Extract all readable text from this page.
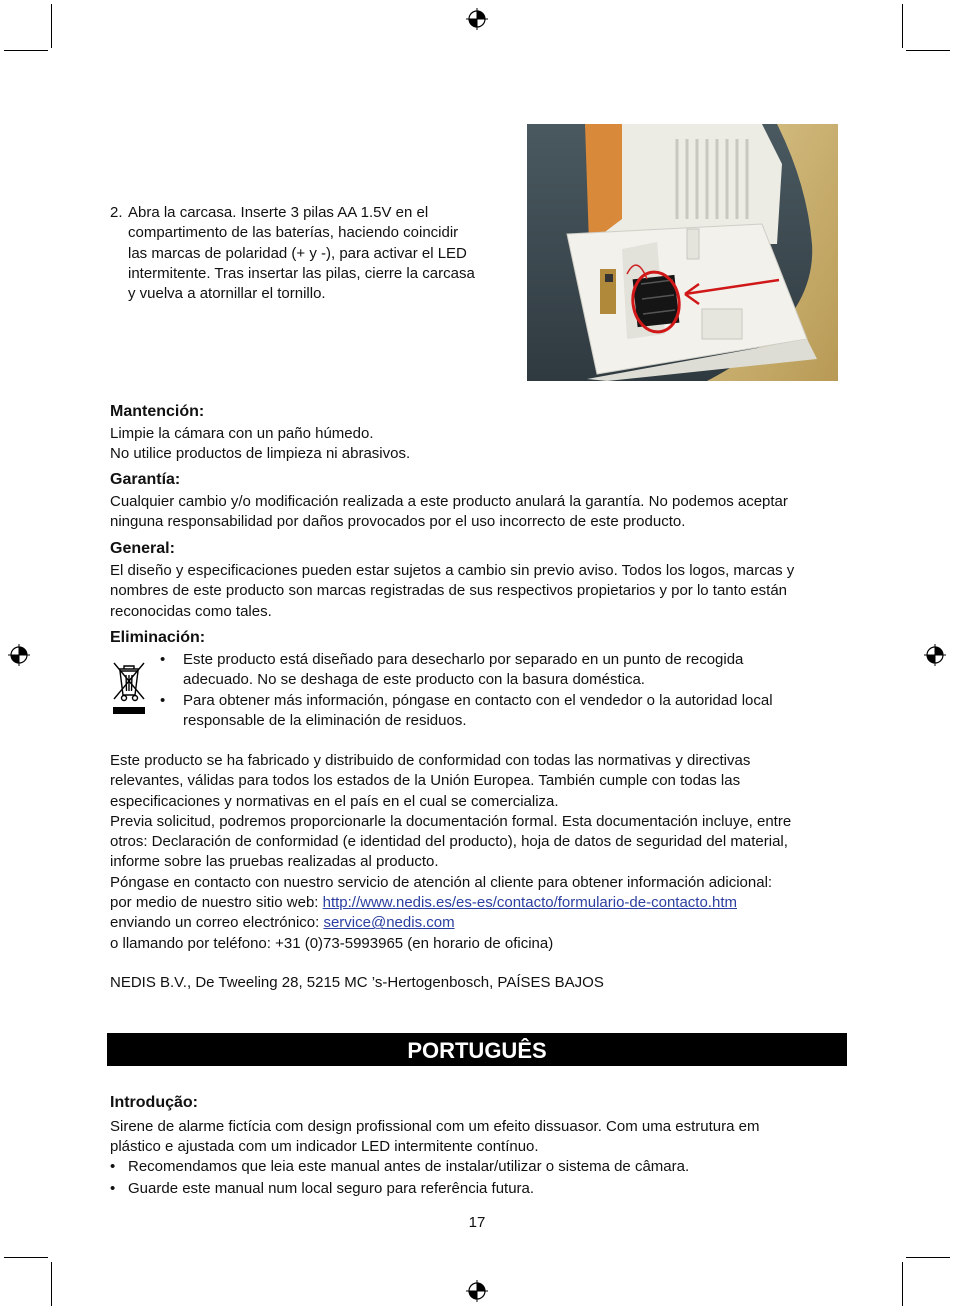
2. Abra la carcasa. Inserte 3 pilas AA 1.5V en el
compartimento de las baterías, haciendo coincidir
las marcas de polaridad (+ y -), para activar el LED
intermitente. Tras insertar las pilas, cierre la carcasa
y vuelva a atornillar el tornillo.
Mantención:
Limpie la cámara con un paño húmedo.
No utilice productos de limpieza ni abrasivos.
Garantía:
Cualquier cambio y/o modificación realizada a este producto anulará la garantía. No podemos aceptar
ninguna responsabilidad por daños provocados por el uso incorrecto de este producto.
General:
El diseño y especificaciones pueden estar sujetos a cambio sin previo aviso. Todos los logos, marcas y
nombres de este producto son marcas registradas de sus respectivos propietarios y por lo tanto están
reconocidas como tales.
Eliminación:
• Este producto está diseñado para desecharlo por separado en un punto de recogida
adecuado. No se deshaga de este producto con la basura doméstica.
• Para obtener más información, póngase en contacto con el vendedor o la autoridad local
responsable de la eliminación de residuos.
Este producto se ha fabricado y distribuido de conformidad con todas las normativas y directivas
relevantes, válidas para todos los estados de la Unión Europea. También cumple con todas las
especificaciones y normativas en el país en el cual se comercializa.
Previa solicitud, podremos proporcionarle la documentación formal. Esta documentación incluye, entre
otros: Declaración de conformidad (e identidad del producto), hoja de datos de seguridad del material,
informe sobre las pruebas realizadas al producto.
Póngase en contacto con nuestro servicio de atención al cliente para obtener información adicional:
por medio de nuestro sitio web: http://www.nedis.es/es-es/contacto/formulario-de-contacto.htm
enviando un correo electrónico: service@nedis.com
o llamando por teléfono: +31 (0)73-5993965 (en horario de oficina)
NEDIS B.V., De Tweeling 28, 5215 MC ’s-Hertogenbosch, PAÍSES BAJOS
PORTUGUÊS
Introdução:
Sirene de alarme fictícia com design profissional com um efeito dissuasor. Com uma estrutura em
plástico e ajustada com um indicador LED intermitente contínuo.
• Recomendamos que leia este manual antes de instalar/utilizar o sistema de câmara.
• Guarde este manual num local seguro para referência futura.
17
